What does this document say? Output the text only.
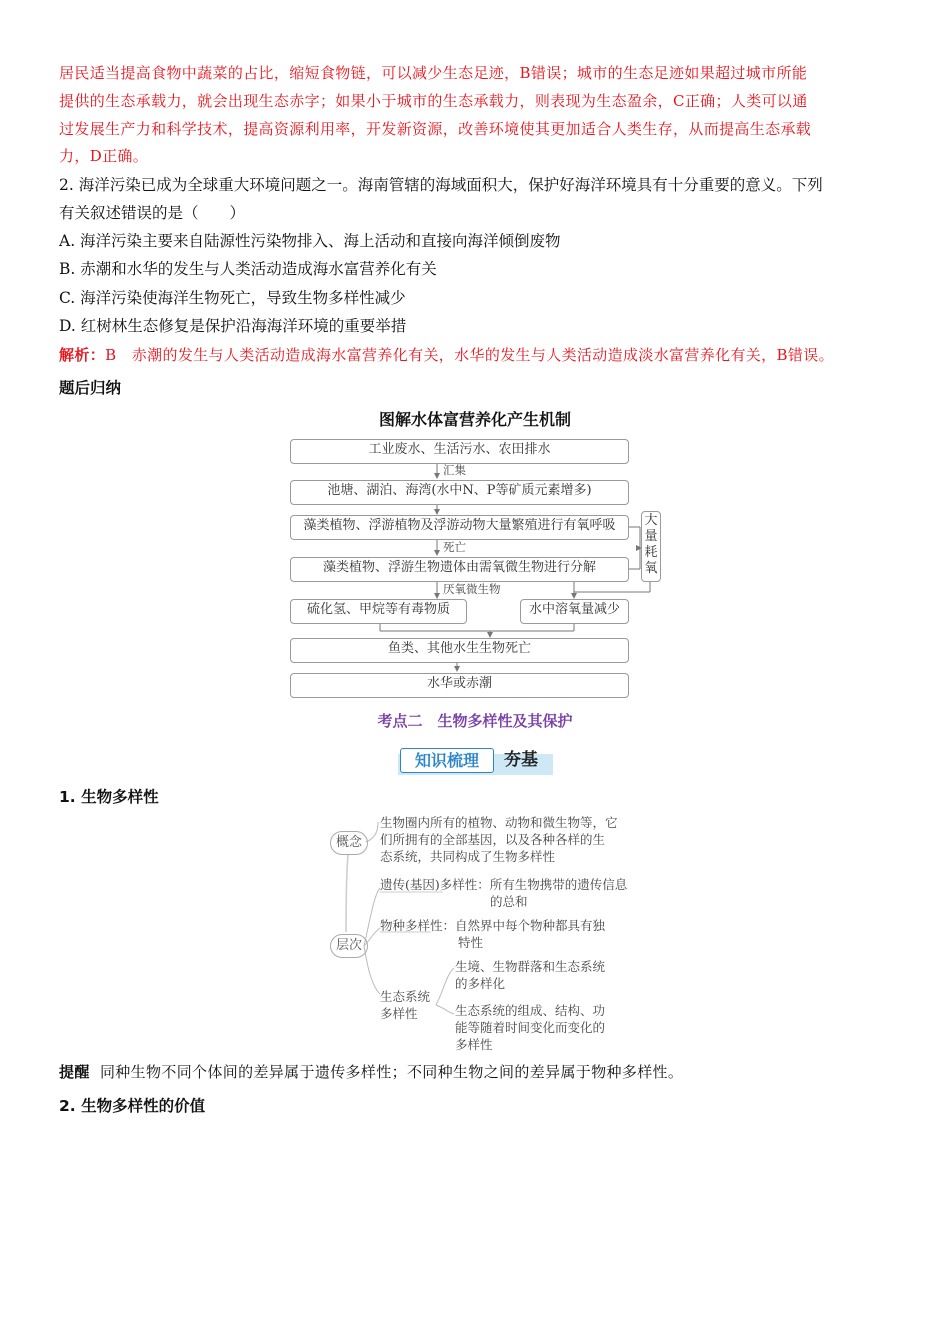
居民适当提高食物中蔬菜的占比，缩短食物链，可以减少生态足迹，B错误；城市的生态足迹如果超过城市所能
提供的生态承载力，就会出现生态赤字；如果小于城市的生态承载力，则表现为生态盈余，C正确；人类可以通
过发展生产力和科学技术，提高资源利用率，开发新资源，改善环境使其更加适合人类生存，从而提高生态承载
力，D正确。
2. 海洋污染已成为全球重大环境问题之一。海南管辖的海域面积大，保护好海洋环境具有十分重要的意义。下列
有关叙述错误的是（　　）
A. 海洋污染主要来自陆源性污染物排入、海上活动和直接向海洋倾倒废物
B. 赤潮和水华的发生与人类活动造成海水富营养化有关
C. 海洋污染使海洋生物死亡，导致生物多样性减少
D. 红树林生态修复是保护沿海海洋环境的重要举措
解析：B 赤潮的发生与人类活动造成海水富营养化有关，水华的发生与人类活动造成淡水富营养化有关，B错误。
题后归纳
图解水体富营养化产生机制
工业废水、生活污水、农田排水
汇集
池塘、湖泊、海湾(水中N、P等矿质元素增多)
藻类植物、浮游植物及浮游动物大量繁殖进行有氧呼吸
死亡
藻类植物、浮游生物遗体由需氧微生物进行分解
大量耗氧
厌氧微生物
硫化氢、甲烷等有毒物质	水中溶氧量减少
鱼类、其他水生生物死亡
水华或赤潮
考点二　生物多样性及其保护
知识梳理	夯基
1. 生物多样性
概念
生物圈内所有的植物、动物和微生物等，它
们所拥有的全部基因，以及各种各样的生
态系统，共同构成了生物多样性
层次
遗传(基因)多样性：所有生物携带的遗传信息
的总和
物种多样性：自然界中每个物种都具有独
特性
生态系统
多样性
生境、生物群落和生态系统
的多样化
生态系统的组成、结构、功
能等随着时间变化而变化的
多样性
提醒 同种生物不同个体间的差异属于遗传多样性；不同种生物之间的差异属于物种多样性。
2. 生物多样性的价值
